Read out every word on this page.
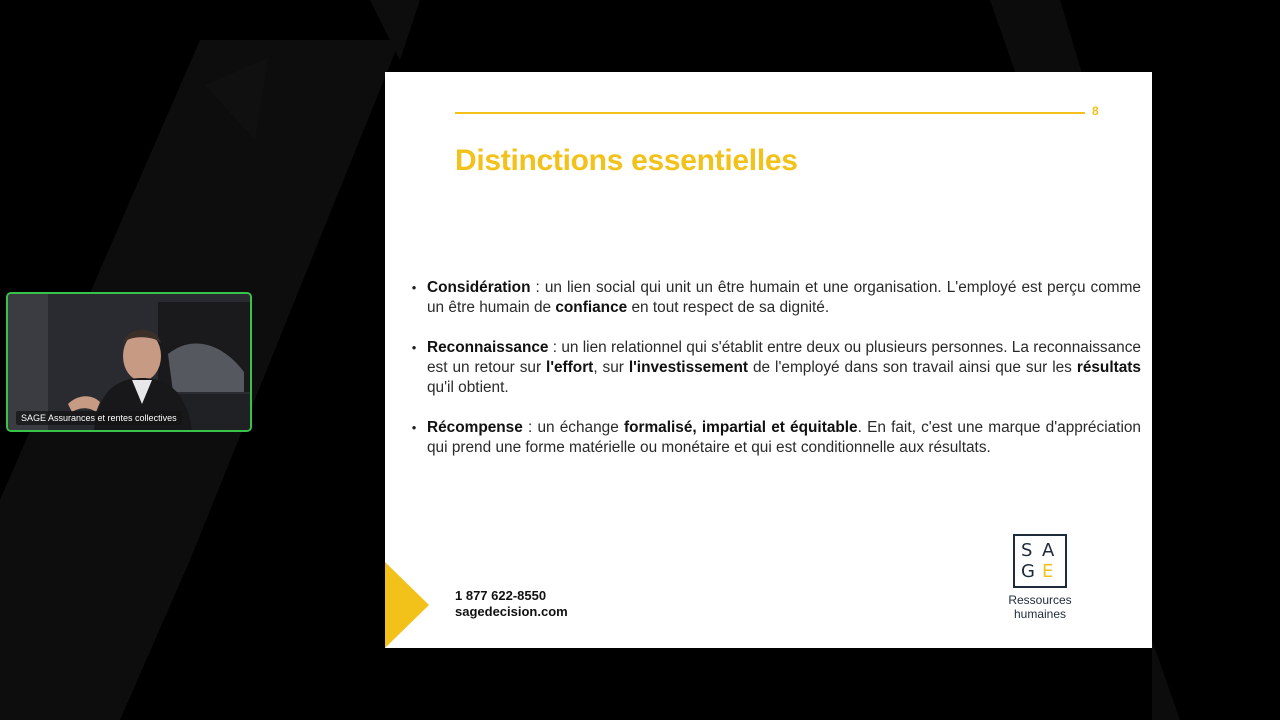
SAGE Assurances et rentes collectives
8
Distinctions essentielles
• Considération : un lien social qui unit un être humain et une organisation. L'employé est perçu comme un être humain de confiance en tout respect de sa dignité.
• Reconnaissance : un lien relationnel qui s'établit entre deux ou plusieurs personnes. La reconnaissance est un retour sur l'effort, sur l'investissement de l'employé dans son travail ainsi que sur les résultats qu'il obtient.
• Récompense : un échange formalisé, impartial et équitable. En fait, c'est une marque d'appréciation qui prend une forme matérielle ou monétaire et qui est conditionnelle aux résultats.
1 877 622-8550
sagedecision.com
S A
G E
Ressources
humaines
